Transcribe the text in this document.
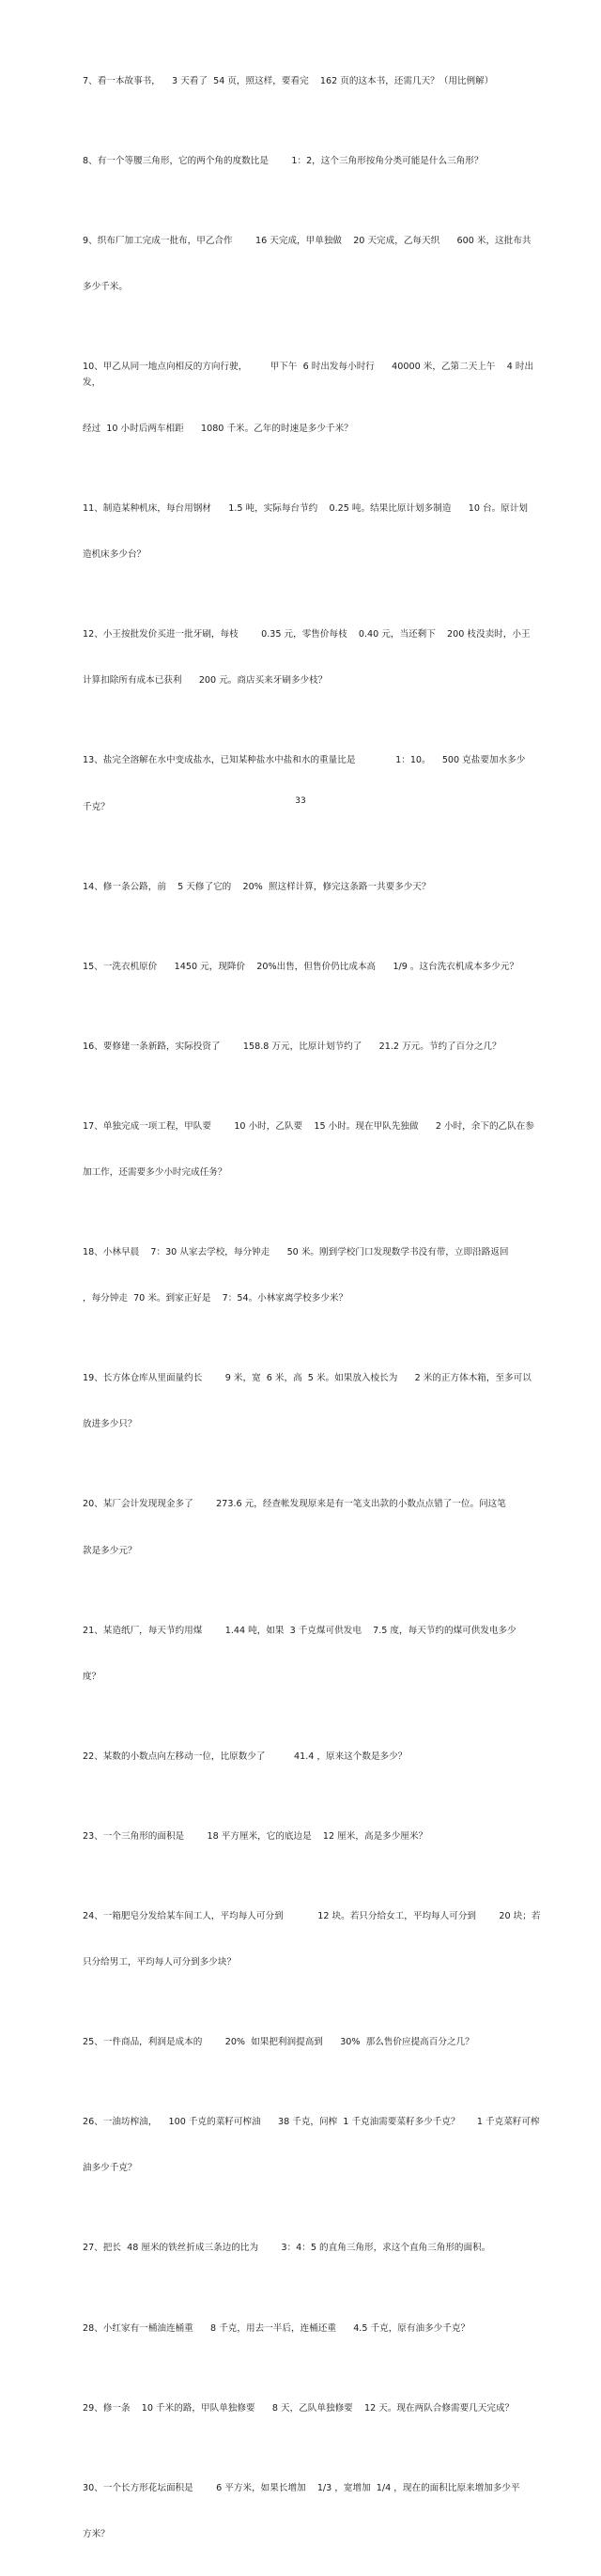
7、看一本故事书，    3 天看了  54 页，照这样，要看完    162 页的这本书，还需几天？（用比例解）

8、有一个等腰三角形，它的两个角的度数比是        1：2，这个三角形按角分类可能是什么三角形？

9、织布厂加工完成一批布，甲乙合作        16 天完成，甲单独做    20 天完成，乙每天织      600 米，这批布共

多少千米。

10、甲乙从同一地点向相反的方向行驶，        甲下午  6 时出发每小时行      40000 米，乙第二天上午    4 时出发，

经过  10 小时后两车相距      1080 千米。乙年的时速是多少千米？

11、制造某种机床，每台用钢材      1.5 吨，实际每台节约    0.25 吨。结果比原计划多制造      10 台。原计划

造机床多少台？

12、小王按批发价买进一批牙刷，每枝        0.35 元，零售价每枝    0.40 元，当还剩下    200 枝没卖时，小王

计算扣除所有成本已获利      200 元。商店买来牙刷多少枝？

13、盐完全溶解在水中变成盐水，已知某种盐水中盐和水的重量比是              1：10。    500 克盐要加水多少

千克？

14、修一条公路，前    5 天修了它的    20%  照这样计算，修完这条路一共要多少天？

15、一洗衣机原价      1450 元，现降价    20%出售，但售价仍比成本高      1/9 。这台洗衣机成本多少元？

16、要修建一条新路，实际投资了        158.8 万元，比原计划节约了      21.2 万元。节约了百分之几？

17、单独完成一项工程，甲队要        10 小时，乙队要    15 小时。现在甲队先独做      2 小时，余下的乙队在参

加工作，还需要多少小时完成任务？

18、小林早晨    7：30 从家去学校，每分钟走      50 米。刚到学校门口发现数学书没有带，立即沿路返回

，每分钟走  70 米。到家正好是    7：54。小林家离学校多少米？

19、长方体仓库从里面量约长        9 米，宽  6 米，高  5 米。如果放入棱长为      2 米的正方体木箱，至多可以

放进多少只？

20、某厂会计发现现金多了        273.6 元，经查帐发现原来是有一笔支出款的小数点点错了一位。问这笔

款是多少元？

21、某造纸厂，每天节约用煤        1.44 吨，如果  3 千克煤可供发电    7.5 度，每天节约的煤可供发电多少

度？

22、某数的小数点向左移动一位，比原数少了          41.4 ，原来这个数是多少？

23、一个三角形的面积是        18 平方厘米，它的底边是    12 厘米，高是多少厘米？

24、一箱肥皂分发给某车间工人，平均每人可分到            12 块。若只分给女工，平均每人可分到        20 块；若

只分给男工，平均每人可分到多少块？

25、一件商品，利润是成本的        20%  如果把利润提高到      30%  那么售价应提高百分之几？

26、一油坊榨油，    100 千克的菜籽可榨油      38 千克，问榨  1 千克油需要菜籽多少千克？      1 千克菜籽可榨

油多少千克？

27、把长  48 厘米的铁丝折成三条边的比为        3：4：5 的直角三角形，求这个直角三角形的面积。

28、小红家有一桶油连桶重      8 千克，用去一半后，连桶还重      4.5 千克，原有油多少千克？

29、修一条    10 千米的路，甲队单独修要      8 天，乙队单独修要    12 天。现在两队合修需要几天完成？

30、一个长方形花坛面积是        6 平方米，如果长增加    1/3 ，宽增加  1/4 ，现在的面积比原来增加多少平

方米？

33
